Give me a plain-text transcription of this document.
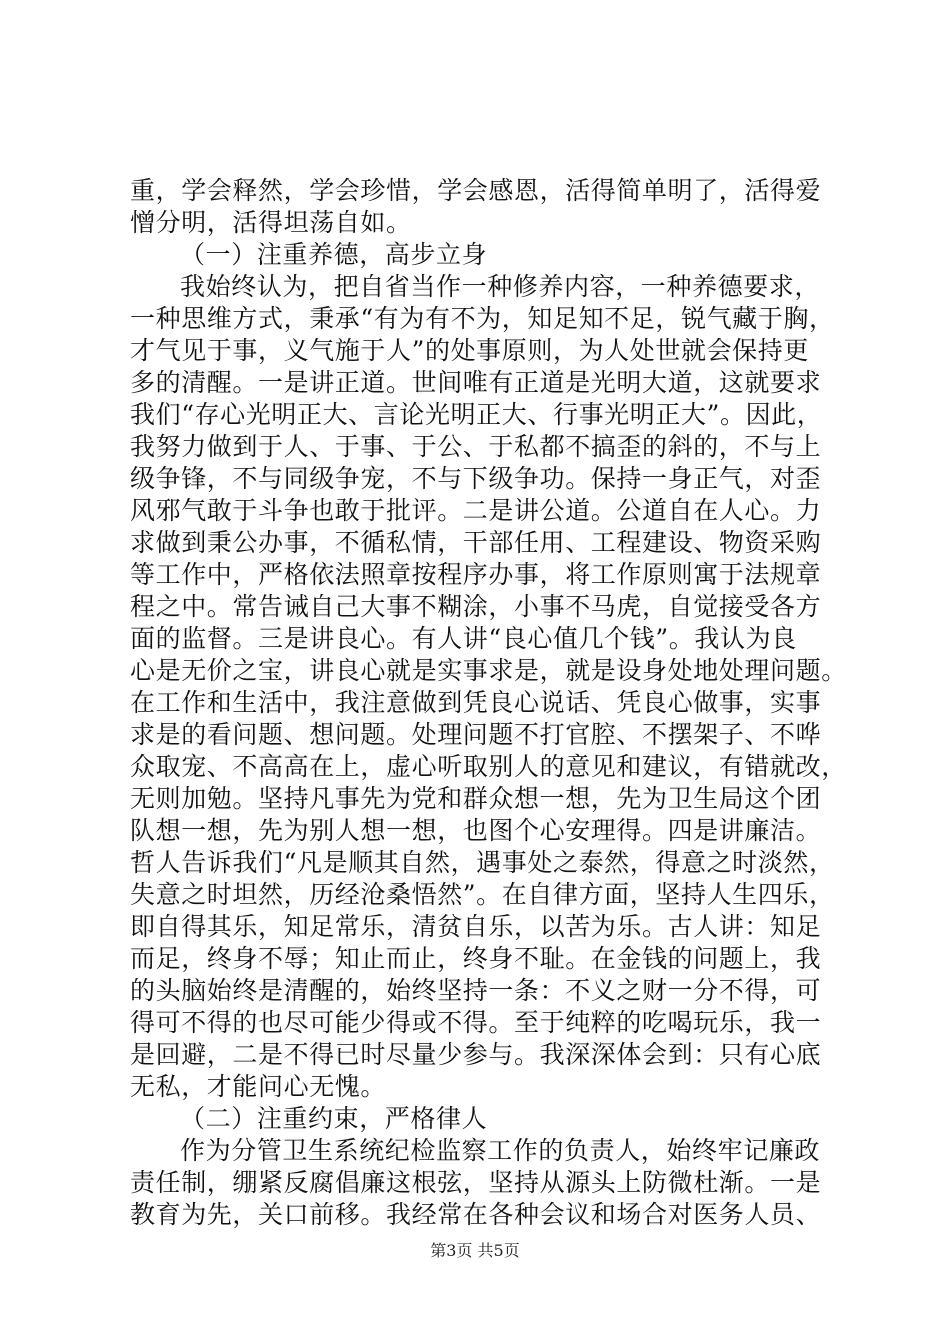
重，学会释然，学会珍惜，学会感恩，活得简单明了，活得爱
憎分明，活得坦荡自如。
（一）注重养德，高步立身
我始终认为，把自省当作一种修养内容，一种养德要求，
一种思维方式，秉承“有为有不为，知足知不足，锐气藏于胸，
才气见于事，义气施于人”的处事原则，为人处世就会保持更
多的清醒。一是讲正道。世间唯有正道是光明大道，这就要求
我们“存心光明正大、言论光明正大、行事光明正大”。因此，
我努力做到于人、于事、于公、于私都不搞歪的斜的，不与上
级争锋，不与同级争宠，不与下级争功。保持一身正气，对歪
风邪气敢于斗争也敢于批评。二是讲公道。公道自在人心。力
求做到秉公办事，不循私情，干部任用、工程建设、物资采购
等工作中，严格依法照章按程序办事，将工作原则寓于法规章
程之中。常告诫自己大事不糊涂，小事不马虎，自觉接受各方
面的监督。三是讲良心。有人讲“良心值几个钱”。我认为良
心是无价之宝，讲良心就是实事求是，就是设身处地处理问题。
在工作和生活中，我注意做到凭良心说话、凭良心做事，实事
求是的看问题、想问题。处理问题不打官腔、不摆架子、不哗
众取宠、不高高在上，虚心听取别人的意见和建议，有错就改，
无则加勉。坚持凡事先为党和群众想一想，先为卫生局这个团
队想一想，先为别人想一想，也图个心安理得。四是讲廉洁。
哲人告诉我们“凡是顺其自然，遇事处之泰然，得意之时淡然，
失意之时坦然，历经沧桑悟然”。在自律方面，坚持人生四乐，
即自得其乐，知足常乐，清贫自乐，以苦为乐。古人讲：知足
而足，终身不辱；知止而止，终身不耻。在金钱的问题上，我
的头脑始终是清醒的，始终坚持一条：不义之财一分不得，可
得可不得的也尽可能少得或不得。至于纯粹的吃喝玩乐，我一
是回避，二是不得已时尽量少参与。我深深体会到：只有心底
无私，才能问心无愧。
（二）注重约束，严格律人
作为分管卫生系统纪检监察工作的负责人，始终牢记廉政
责任制，绷紧反腐倡廉这根弦，坚持从源头上防微杜渐。一是
教育为先，关口前移。我经常在各种会议和场合对医务人员、
第3页 共5页
